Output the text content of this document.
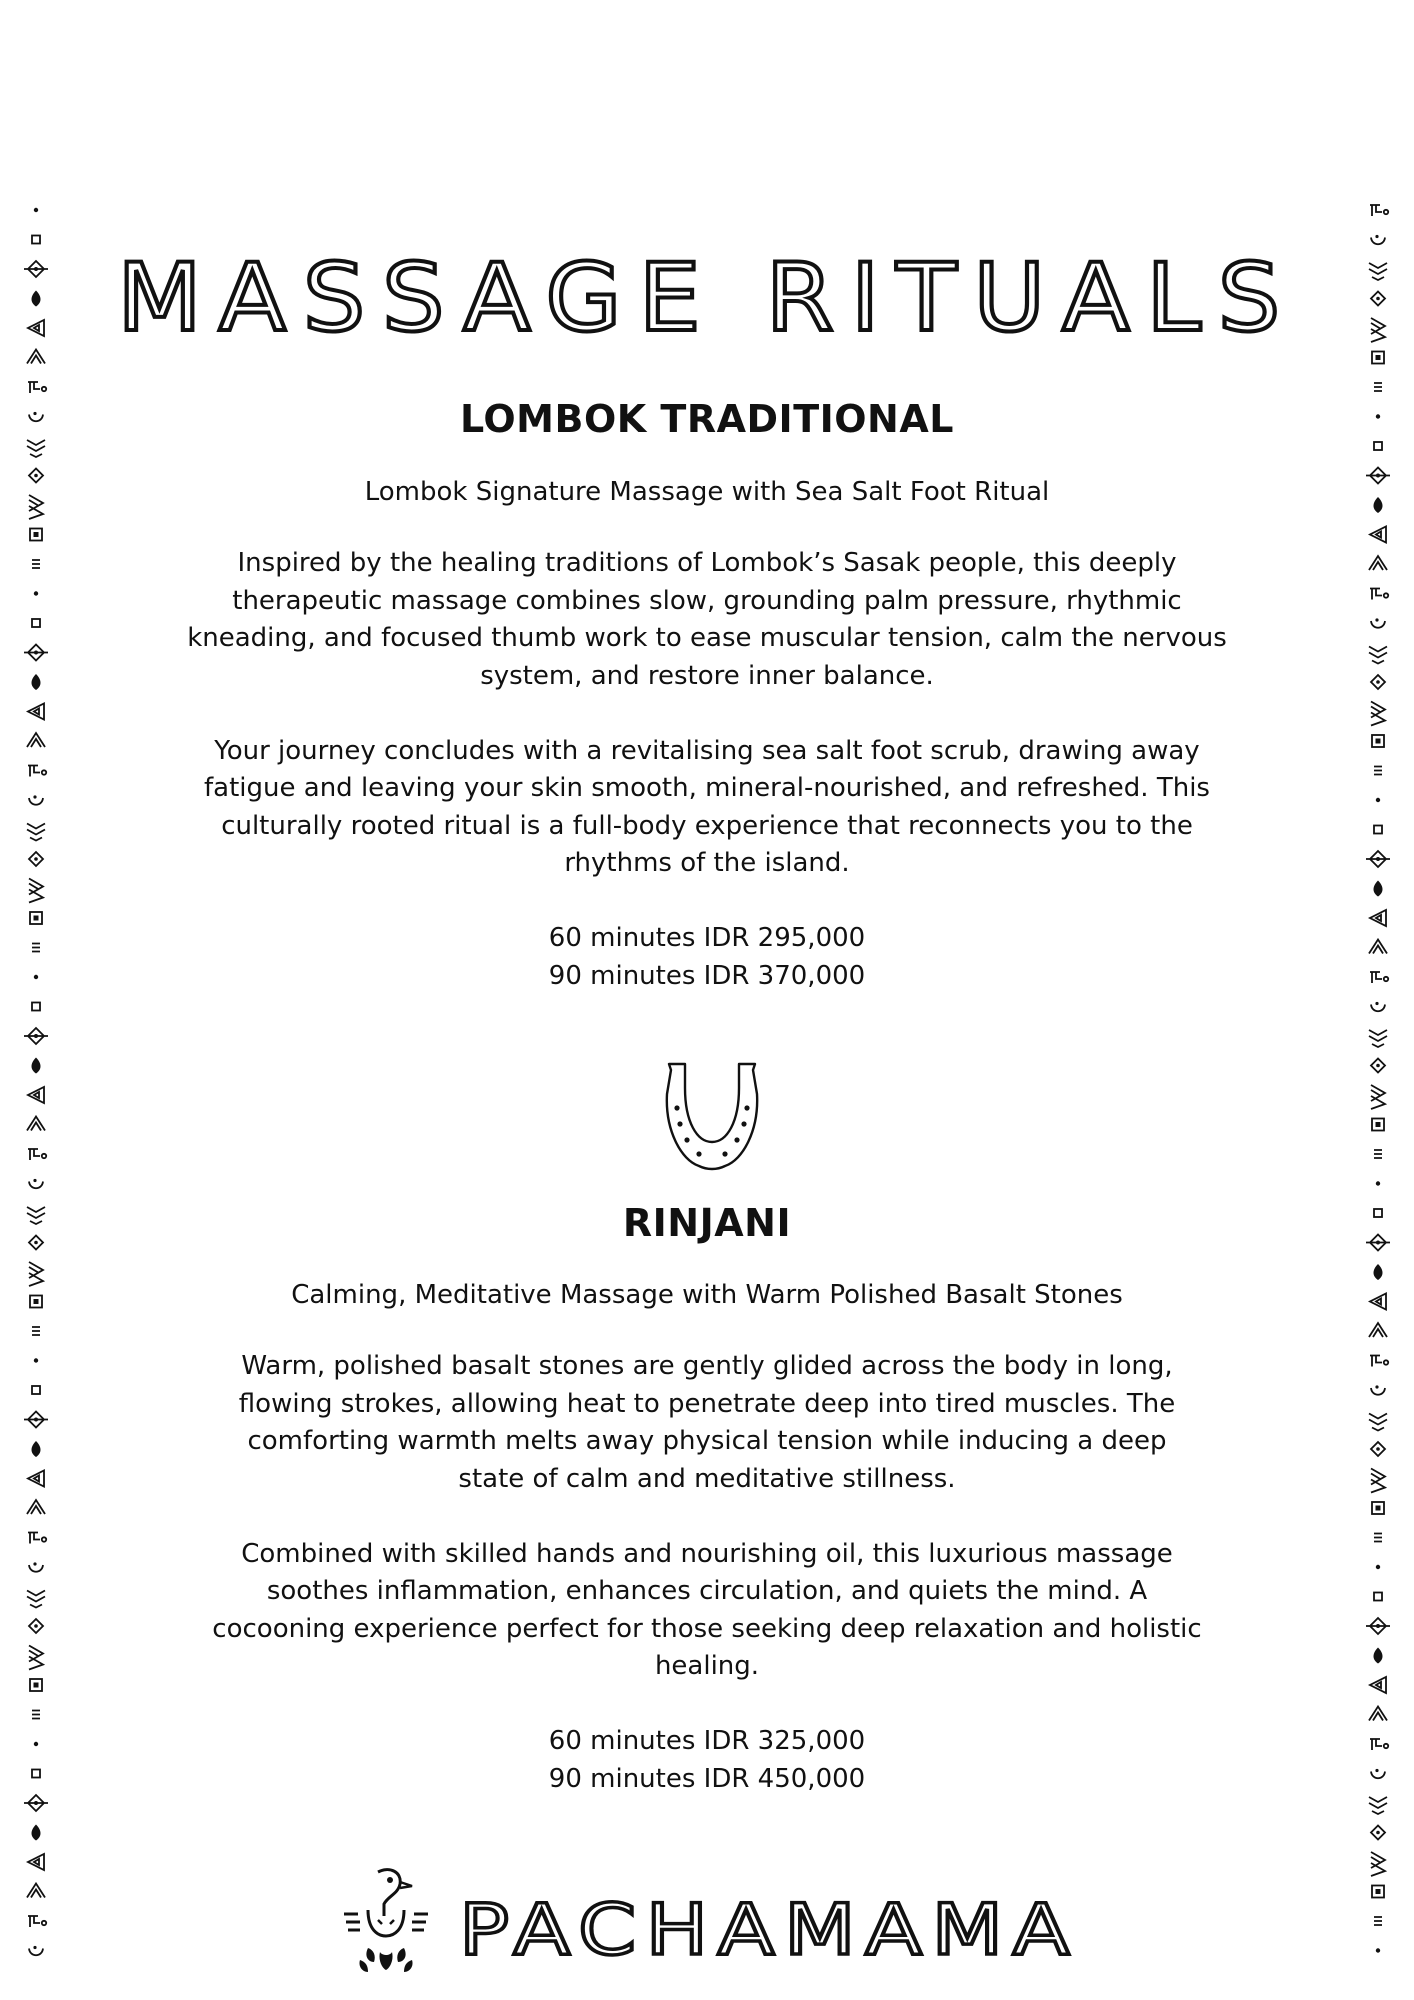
MASSAGE RITUALS
LOMBOK TRADITIONAL

Lombok Signature Massage with Sea Salt Foot Ritual

Inspired by the healing traditions of Lombok’s Sasak people, this deeply
therapeutic massage combines slow, grounding palm pressure, rhythmic
kneading, and focused thumb work to ease muscular tension, calm the nervous
system, and restore inner balance.

Your journey concludes with a revitalising sea salt foot scrub, drawing away
fatigue and leaving your skin smooth, mineral-nourished, and refreshed. This
culturally rooted ritual is a full-body experience that reconnects you to the
rhythms of the island.

60 minutes IDR 295,000

90 minutes IDR 370,000

RINJANI

Calming, Meditative Massage with Warm Polished Basalt Stones

Warm, polished basalt stones are gently glided across the body in long,
flowing strokes, allowing heat to penetrate deep into tired muscles. The
comforting warmth melts away physical tension while inducing a deep
state of calm and meditative stillness.

Combined with skilled hands and nourishing oil, this luxurious massage
soothes inflammation, enhances circulation, and quiets the mind. A
cocooning experience perfect for those seeking deep relaxation and holistic
healing.

60 minutes IDR 325,000

90 minutes IDR 450,000

PACHAMAMA
